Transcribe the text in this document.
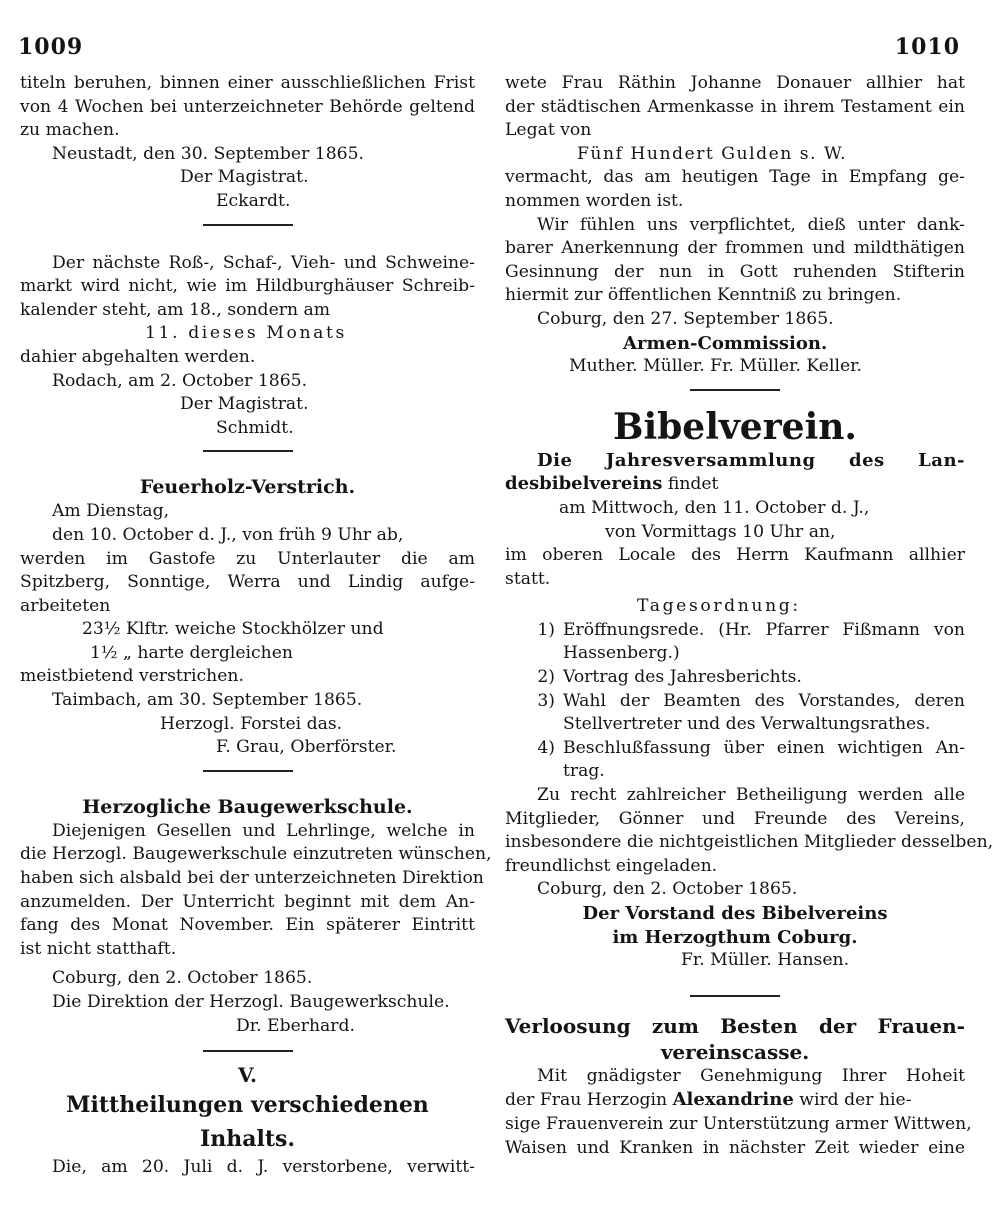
1009	1010
titeln beruhen, binnen einer ausschließlichen Frist
von 4 Wochen bei unterzeichneter Behörde geltend
zu machen.
Neustadt, den 30. September 1865.
Der Magistrat.
Eckardt.
Der nächste Roß-, Schaf-, Vieh- und Schweine-
markt wird nicht, wie im Hildburghäuser Schreib-
kalender steht, am 18., sondern am
11. dieses Monats
dahier abgehalten werden.
Rodach, am 2. October 1865.
Der Magistrat.
Schmidt.
Feuerholz-Verstrich.
Am Dienstag,
den 10. October d. J., von früh 9 Uhr ab,
werden im Gastofe zu Unterlauter die am
Spitzberg, Sonntige, Werra und Lindig aufge-
arbeiteten
23½ Klftr. weiche Stockhölzer und
1½ „ harte dergleichen
meistbietend verstrichen.
Taimbach, am 30. September 1865.
Herzogl. Forstei das.
F. Grau, Oberförster.
Herzogliche Baugewerkschule.
Diejenigen Gesellen und Lehrlinge, welche in
die Herzogl. Baugewerkschule einzutreten wünschen,
haben sich alsbald bei der unterzeichneten Direktion
anzumelden. Der Unterricht beginnt mit dem An-
fang des Monat November. Ein späterer Eintritt
ist nicht statthaft.
Coburg, den 2. October 1865.
Die Direktion der Herzogl. Baugewerkschule.
Dr. Eberhard.
V.
Mittheilungen verschiedenen Inhalts.
Die, am 20. Juli d. J. verstorbene, verwitt-
wete Frau Räthin Johanne Donauer allhier hat
der städtischen Armenkasse in ihrem Testament ein
Legat von
Fünf Hundert Gulden s. W.
vermacht, das am heutigen Tage in Empfang ge-
nommen worden ist.
Wir fühlen uns verpflichtet, dieß unter dank-
barer Anerkennung der frommen und mildthätigen
Gesinnung der nun in Gott ruhenden Stifterin
hiermit zur öffentlichen Kenntniß zu bringen.
Coburg, den 27. September 1865.
Armen-Commission.
Muther. Müller. Fr. Müller. Keller.
Bibelverein.
Die Jahresversammlung des Lan-
desbibelvereins findet
am Mittwoch, den 11. October d. J.,
von Vormittags 10 Uhr an,
im oberen Locale des Herrn Kaufmann allhier
statt.
Tagesordnung:
1) Eröffnungsrede. (Hr. Pfarrer Fißmann von
Hassenberg.)
2) Vortrag des Jahresberichts.
3) Wahl der Beamten des Vorstandes, deren
Stellvertreter und des Verwaltungsrathes.
4) Beschlußfassung über einen wichtigen An-
trag.
Zu recht zahlreicher Betheiligung werden alle
Mitglieder, Gönner und Freunde des Vereins,
insbesondere die nichtgeistlichen Mitglieder desselben,
freundlichst eingeladen.
Coburg, den 2. October 1865.
Der Vorstand des Bibelvereins
im Herzogthum Coburg.
Fr. Müller. Hansen.
Verloosung zum Besten der Frauen-
vereinscasse.
Mit gnädigster Genehmigung Ihrer Hoheit
der Frau Herzogin Alexandrine wird der hie-
sige Frauenverein zur Unterstützung armer Wittwen,
Waisen und Kranken in nächster Zeit wieder eine
